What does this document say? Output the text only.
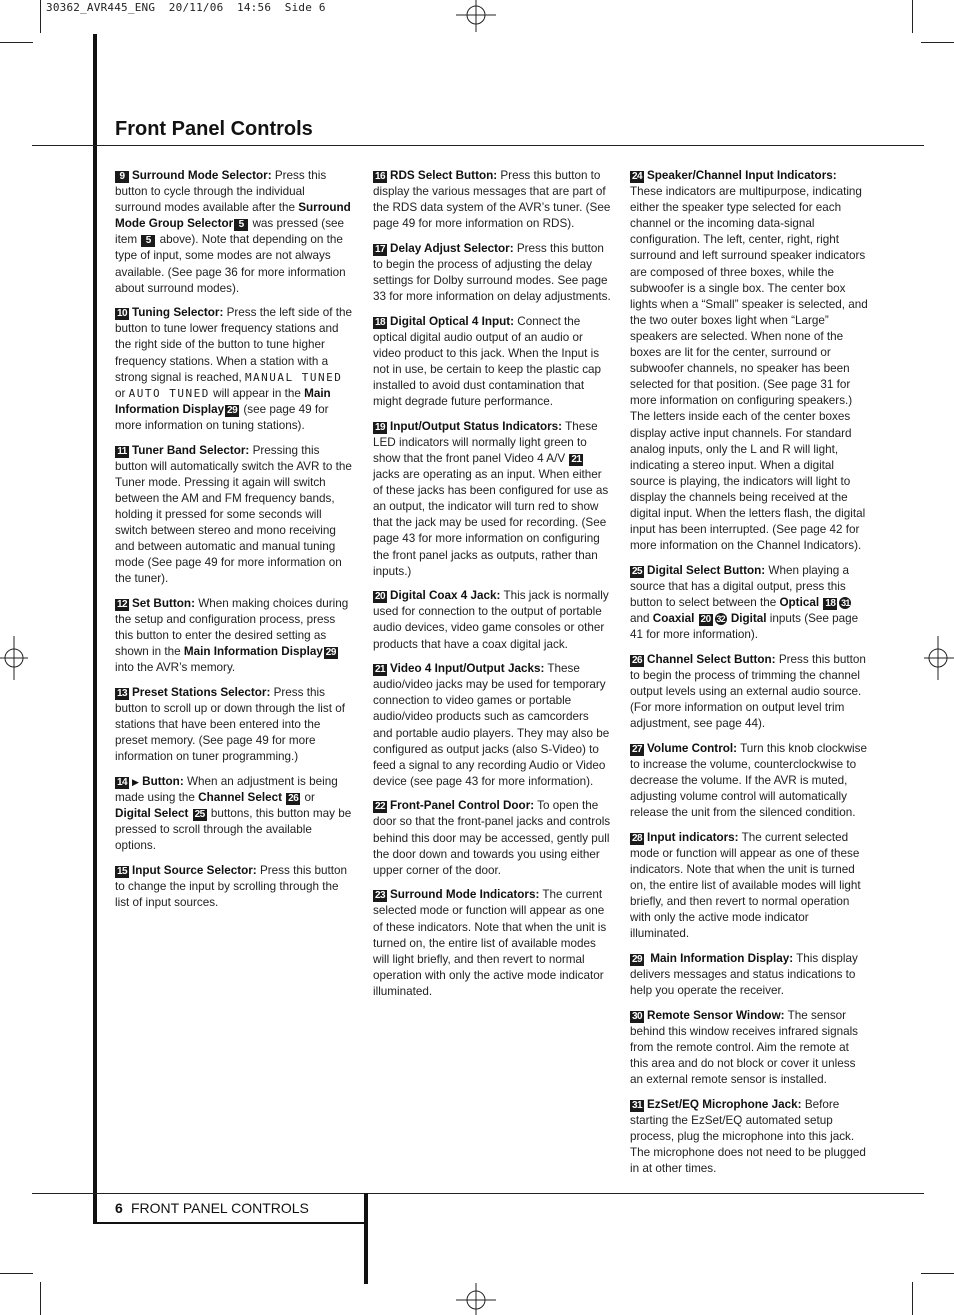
30362_AVR445_ENG  20/11/06  14:56  Side 6
Front Panel Controls

9 Surround Mode Selector: Press this button to cycle through the individual surround modes available after the Surround Mode Group Selector 5 was pressed (see item 5 above). Note that depending on the type of input, some modes are not always available. (See page 36 for more information about surround modes).

10 Tuning Selector: Press the left side of the button to tune lower frequency stations and the right side of the button to tune higher frequency stations. When a station with a strong signal is reached, MANUAL TUNED or AUTO TUNED will appear in the Main Information Display 29 (see page 49 for more information on tuning stations).

11 Tuner Band Selector: Pressing this button will automatically switch the AVR to the Tuner mode. Pressing it again will switch between the AM and FM frequency bands, holding it pressed for some seconds will switch between stereo and mono receiving and between automatic and manual tuning mode (See page 49 for more information on the tuner).

12 Set Button: When making choices during the setup and configuration process, press this button to enter the desired setting as shown in the Main Information Display 29 into the AVR’s memory.

13 Preset Stations Selector: Press this button to scroll up or down through the list of stations that have been entered into the preset memory. (See page 49 for more information on tuner programming.)

14 ▶ Button: When an adjustment is being made using the Channel Select 26 or Digital Select 25 buttons, this button may be pressed to scroll through the available options.

15 Input Source Selector: Press this button to change the input by scrolling through the list of input sources.

16 RDS Select Button: Press this button to display the various messages that are part of the RDS data system of the AVR’s tuner. (See page 49 for more information on RDS).

17 Delay Adjust Selector: Press this button to begin the process of adjusting the delay settings for Dolby surround modes. See page 33 for more information on delay adjustments.

18 Digital Optical 4 Input: Connect the optical digital audio output of an audio or video product to this jack. When the Input is not in use, be certain to keep the plastic cap installed to avoid dust contamination that might degrade future performance.

19 Input/Output Status Indicators: These LED indicators will normally light green to show that the front panel Video 4 A/V 21 jacks are operating as an input. When either of these jacks has been configured for use as an output, the indicator will turn red to show that the jack may be used for recording. (See page 43 for more information on configuring the front panel jacks as outputs, rather than inputs.)

20 Digital Coax 4 Jack: This jack is normally used for connection to the output of portable audio devices, video game consoles or other products that have a coax digital jack.

21 Video 4 Input/Output Jacks: These audio/video jacks may be used for temporary connection to video games or portable audio/video products such as camcorders and portable audio players. They may also be configured as output jacks (also S-Video) to feed a signal to any recording Audio or Video device (see page 43 for more information).

22 Front-Panel Control Door: To open the door so that the front-panel jacks and controls behind this door may be accessed, gently pull the door down and towards you using either upper corner of the door.

23 Surround Mode Indicators: The current selected mode or function will appear as one of these indicators. Note that when the unit is turned on, the entire list of available modes will light briefly, and then revert to normal operation with only the active mode indicator illuminated.

24 Speaker/Channel Input Indicators: These indicators are multipurpose, indicating either the speaker type selected for each channel or the incoming data-signal configuration. The left, center, right, right surround and left surround speaker indicators are composed of three boxes, while the subwoofer is a single box. The center box lights when a “Small” speaker is selected, and the two outer boxes light when “Large” speakers are selected. When none of the boxes are lit for the center, surround or subwoofer channels, no speaker has been selected for that position. (See page 31 for more information on configuring speakers.) The letters inside each of the center boxes display active input channels. For standard analog inputs, only the L and R will light, indicating a stereo input. When a digital source is playing, the indicators will light to display the channels being received at the digital input. When the letters flash, the digital input has been interrupted. (See page 42 for more information on the Channel Indicators).

25 Digital Select Button: When playing a source that has a digital output, press this button to select between the Optical 18 31 and Coaxial 20 32 Digital inputs (See page 41 for more information).

26 Channel Select Button: Press this button to begin the process of trimming the channel output levels using an external audio source. (For more information on output level trim adjustment, see page 44).

27 Volume Control: Turn this knob clockwise to increase the volume, counterclockwise to decrease the volume. If the AVR is muted, adjusting volume control will automatically release the unit from the silenced condition.

28 Input indicators: The current selected mode or function will appear as one of these indicators. Note that when the unit is turned on, the entire list of available modes will light briefly, and then revert to normal operation with only the active mode indicator illuminated.

29 Main Information Display: This display delivers messages and status indications to help you operate the receiver.

30 Remote Sensor Window: The sensor behind this window receives infrared signals from the remote control. Aim the remote at this area and do not block or cover it unless an external remote sensor is installed.

31 EzSet/EQ Microphone Jack: Before starting the EzSet/EQ automated setup process, plug the microphone into this jack. The microphone does not need to be plugged in at other times.

6 FRONT PANEL CONTROLS
